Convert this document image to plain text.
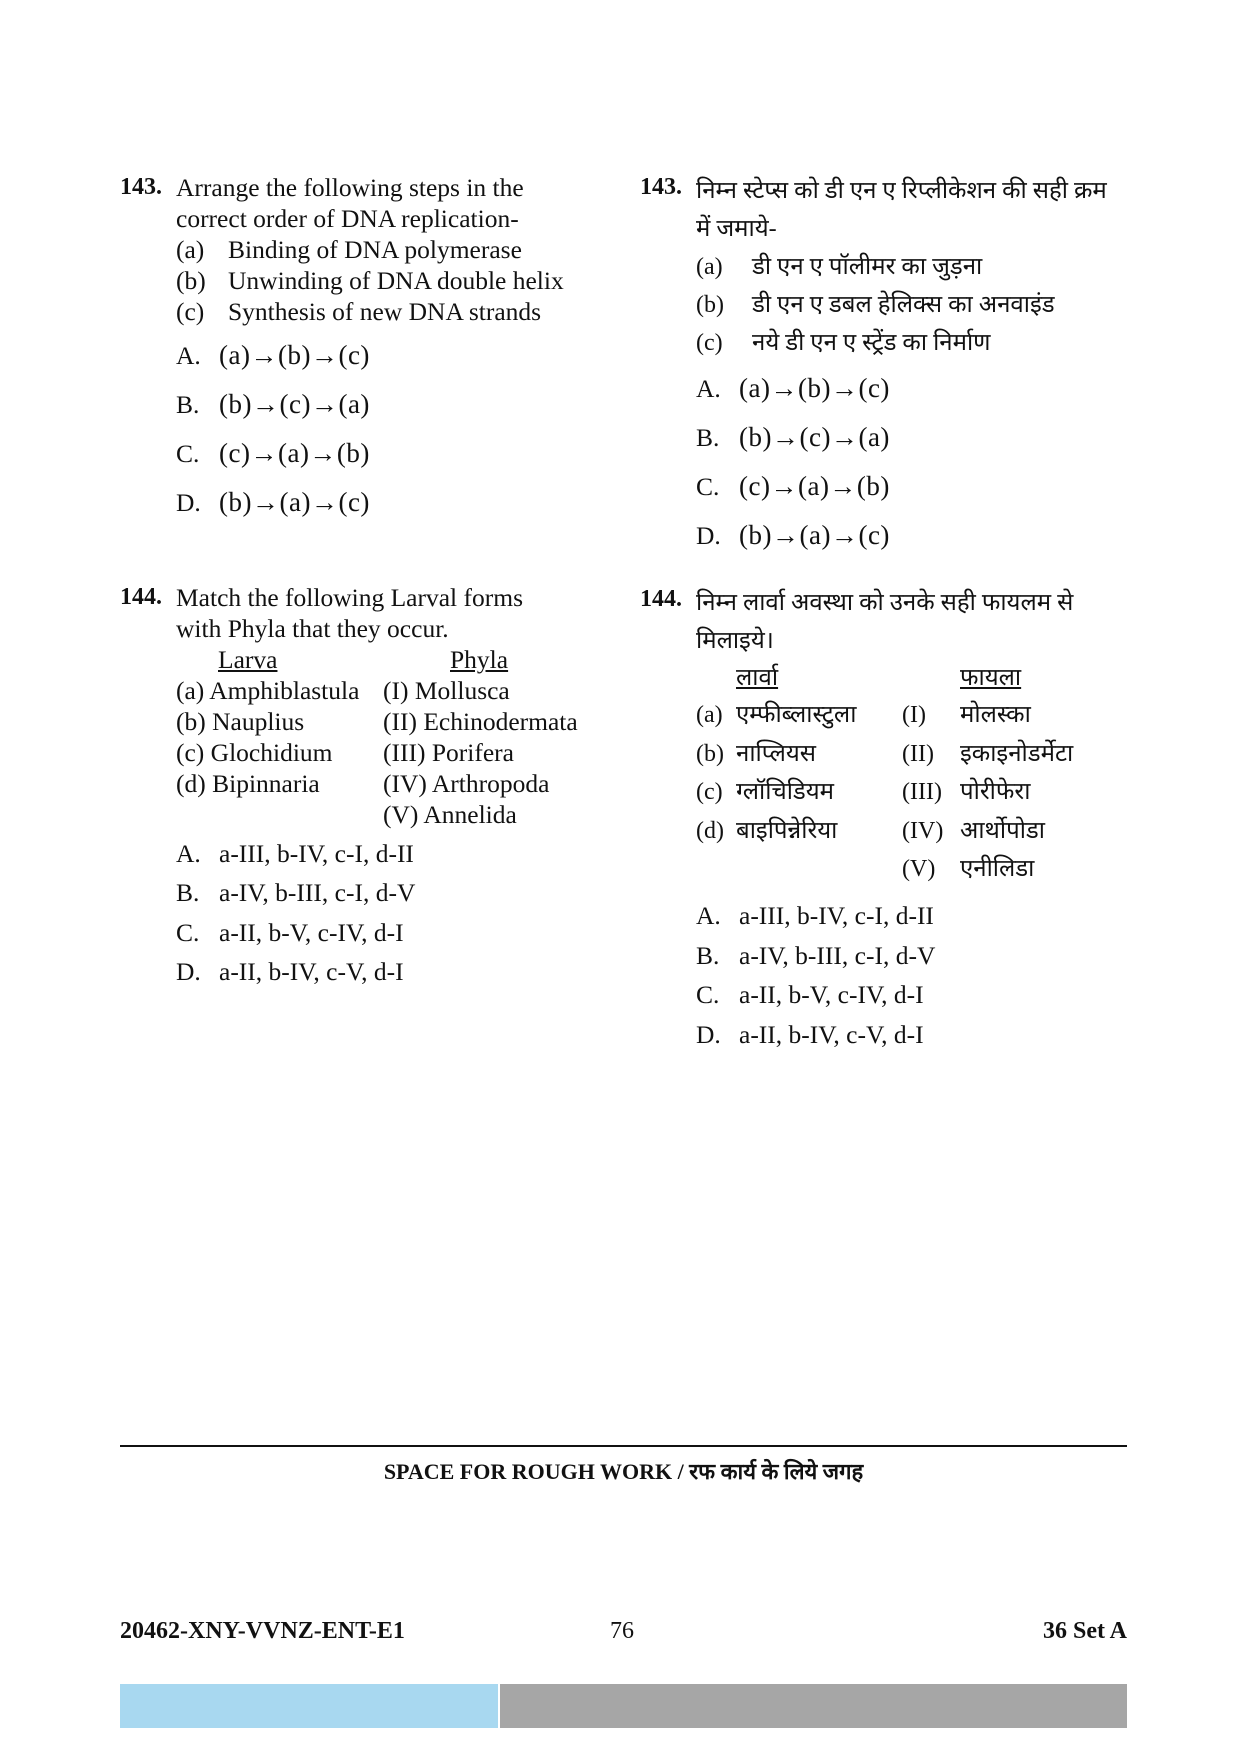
143. Arrange the following steps in the
correct order of DNA replication-
(a) Binding of DNA polymerase
(b) Unwinding of DNA double helix
(c) Synthesis of new DNA strands
A. (a)→(b)→(c)
B. (b)→(c)→(a)
C. (c)→(a)→(b)
D. (b)→(a)→(c)
144. Match the following Larval forms
with Phyla that they occur.
Larva	Phyla
(a) Amphiblastula (I) Mollusca
(b) Nauplius	(II) Echinodermata
(c) Glochidium	(III) Porifera
(d) Bipinnaria	(IV) Arthropoda
(V) Annelida
A. a-III, b-IV, c-I, d-II
B. a-IV, b-III, c-I, d-V
C. a-II, b-V, c-IV, d-I
D. a-II, b-IV, c-V, d-I
143. निम्न स्टेप्स को डी एन ए रिप्लीकेशन की सही क्रम
में जमाये-
(a)	डी एन ए पॉलीमर का जुड़ना
(b)	डी एन ए डबल हेलिक्स का अनवाइंड
(c)	नये डी एन ए स्ट्रेंड का निर्माण
A. (a)→(b)→(c)
B. (b)→(c)→(a)
C. (c)→(a)→(b)
D. (b)→(a)→(c)
144. निम्न लार्वा अवस्था को उनके सही फायलम से
मिलाइये।
लार्वा	फायला
(a) एम्फीब्लास्टुला	(I)	मोलस्का
(b) नाप्लियस	(II)	इकाइनोडर्मेटा
(c) ग्लॉचिडियम	(III) पोरीफेरा
(d) बाइपिन्नेरिया	(IV) आर्थोपोडा
(V)	एनीलिडा
A. a-III, b-IV, c-I, d-II
B. a-IV, b-III, c-I, d-V
C. a-II, b-V, c-IV, d-I
D. a-II, b-IV, c-V, d-I
SPACE FOR ROUGH WORK / रफ कार्य के लिये जगह
20462-XNY-VVNZ-ENT-E1	76	36 Set A
